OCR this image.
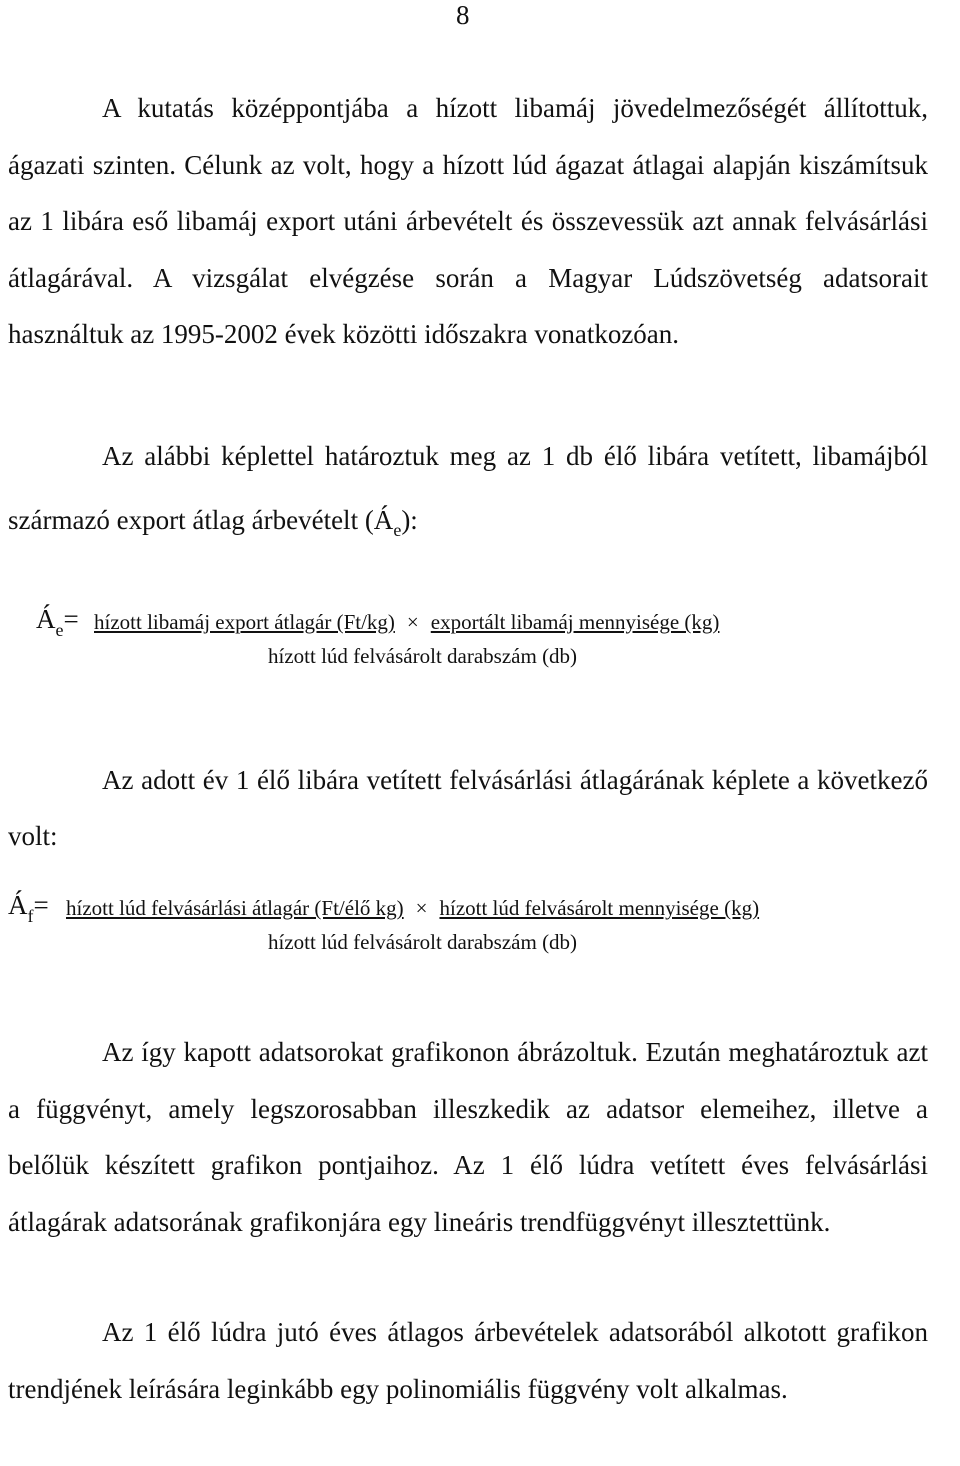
8

A kutatás középpontjába a hízott libamáj jövedelmezőségét állítottuk, ágazati szinten. Célunk az volt, hogy a hízott lúd ágazat átlagai alapján kiszámítsuk az 1 libára eső libamáj export utáni árbevételt és összevessük azt annak felvásárlási átlagárával. A vizsgálat elvégzése során a Magyar Lúdszövetség adatsorait használtuk az 1995-2002 évek közötti időszakra vonatkozóan.

Az alábbi képlettel határoztuk meg az 1 db élő libára vetített, libamájból származó export átlag árbevételt $(Á_e)$:

$Á_e=$ hízott libamáj export átlagár (Ft/kg) × exportált libamáj mennyisége (kg)
hízott lúd felvásárolt darabszám (db)

Az adott év 1 élő libára vetített felvásárlási átlagárának képlete a következő volt:

$Á_f=$ hízott lúd felvásárlási átlagár (Ft/élő kg) × hízott lúd felvásárolt mennyisége (kg)
hízott lúd felvásárolt darabszám (db)

Az így kapott adatsorokat grafikonon ábrázoltuk. Ezután meghatároztuk azt a függvényt, amely legszorosabban illeszkedik az adatsor elemeihez, illetve a belőlük készített grafikon pontjaihoz. Az 1 élő lúdra vetített éves felvásárlási átlagárak adatsorának grafikonjára egy lineáris trendfüggvényt illesztettünk.

Az 1 élő lúdra jutó éves átlagos árbevételek adatsorából alkotott grafikon trendjének leírására leginkább egy polinomiális függvény volt alkalmas.
